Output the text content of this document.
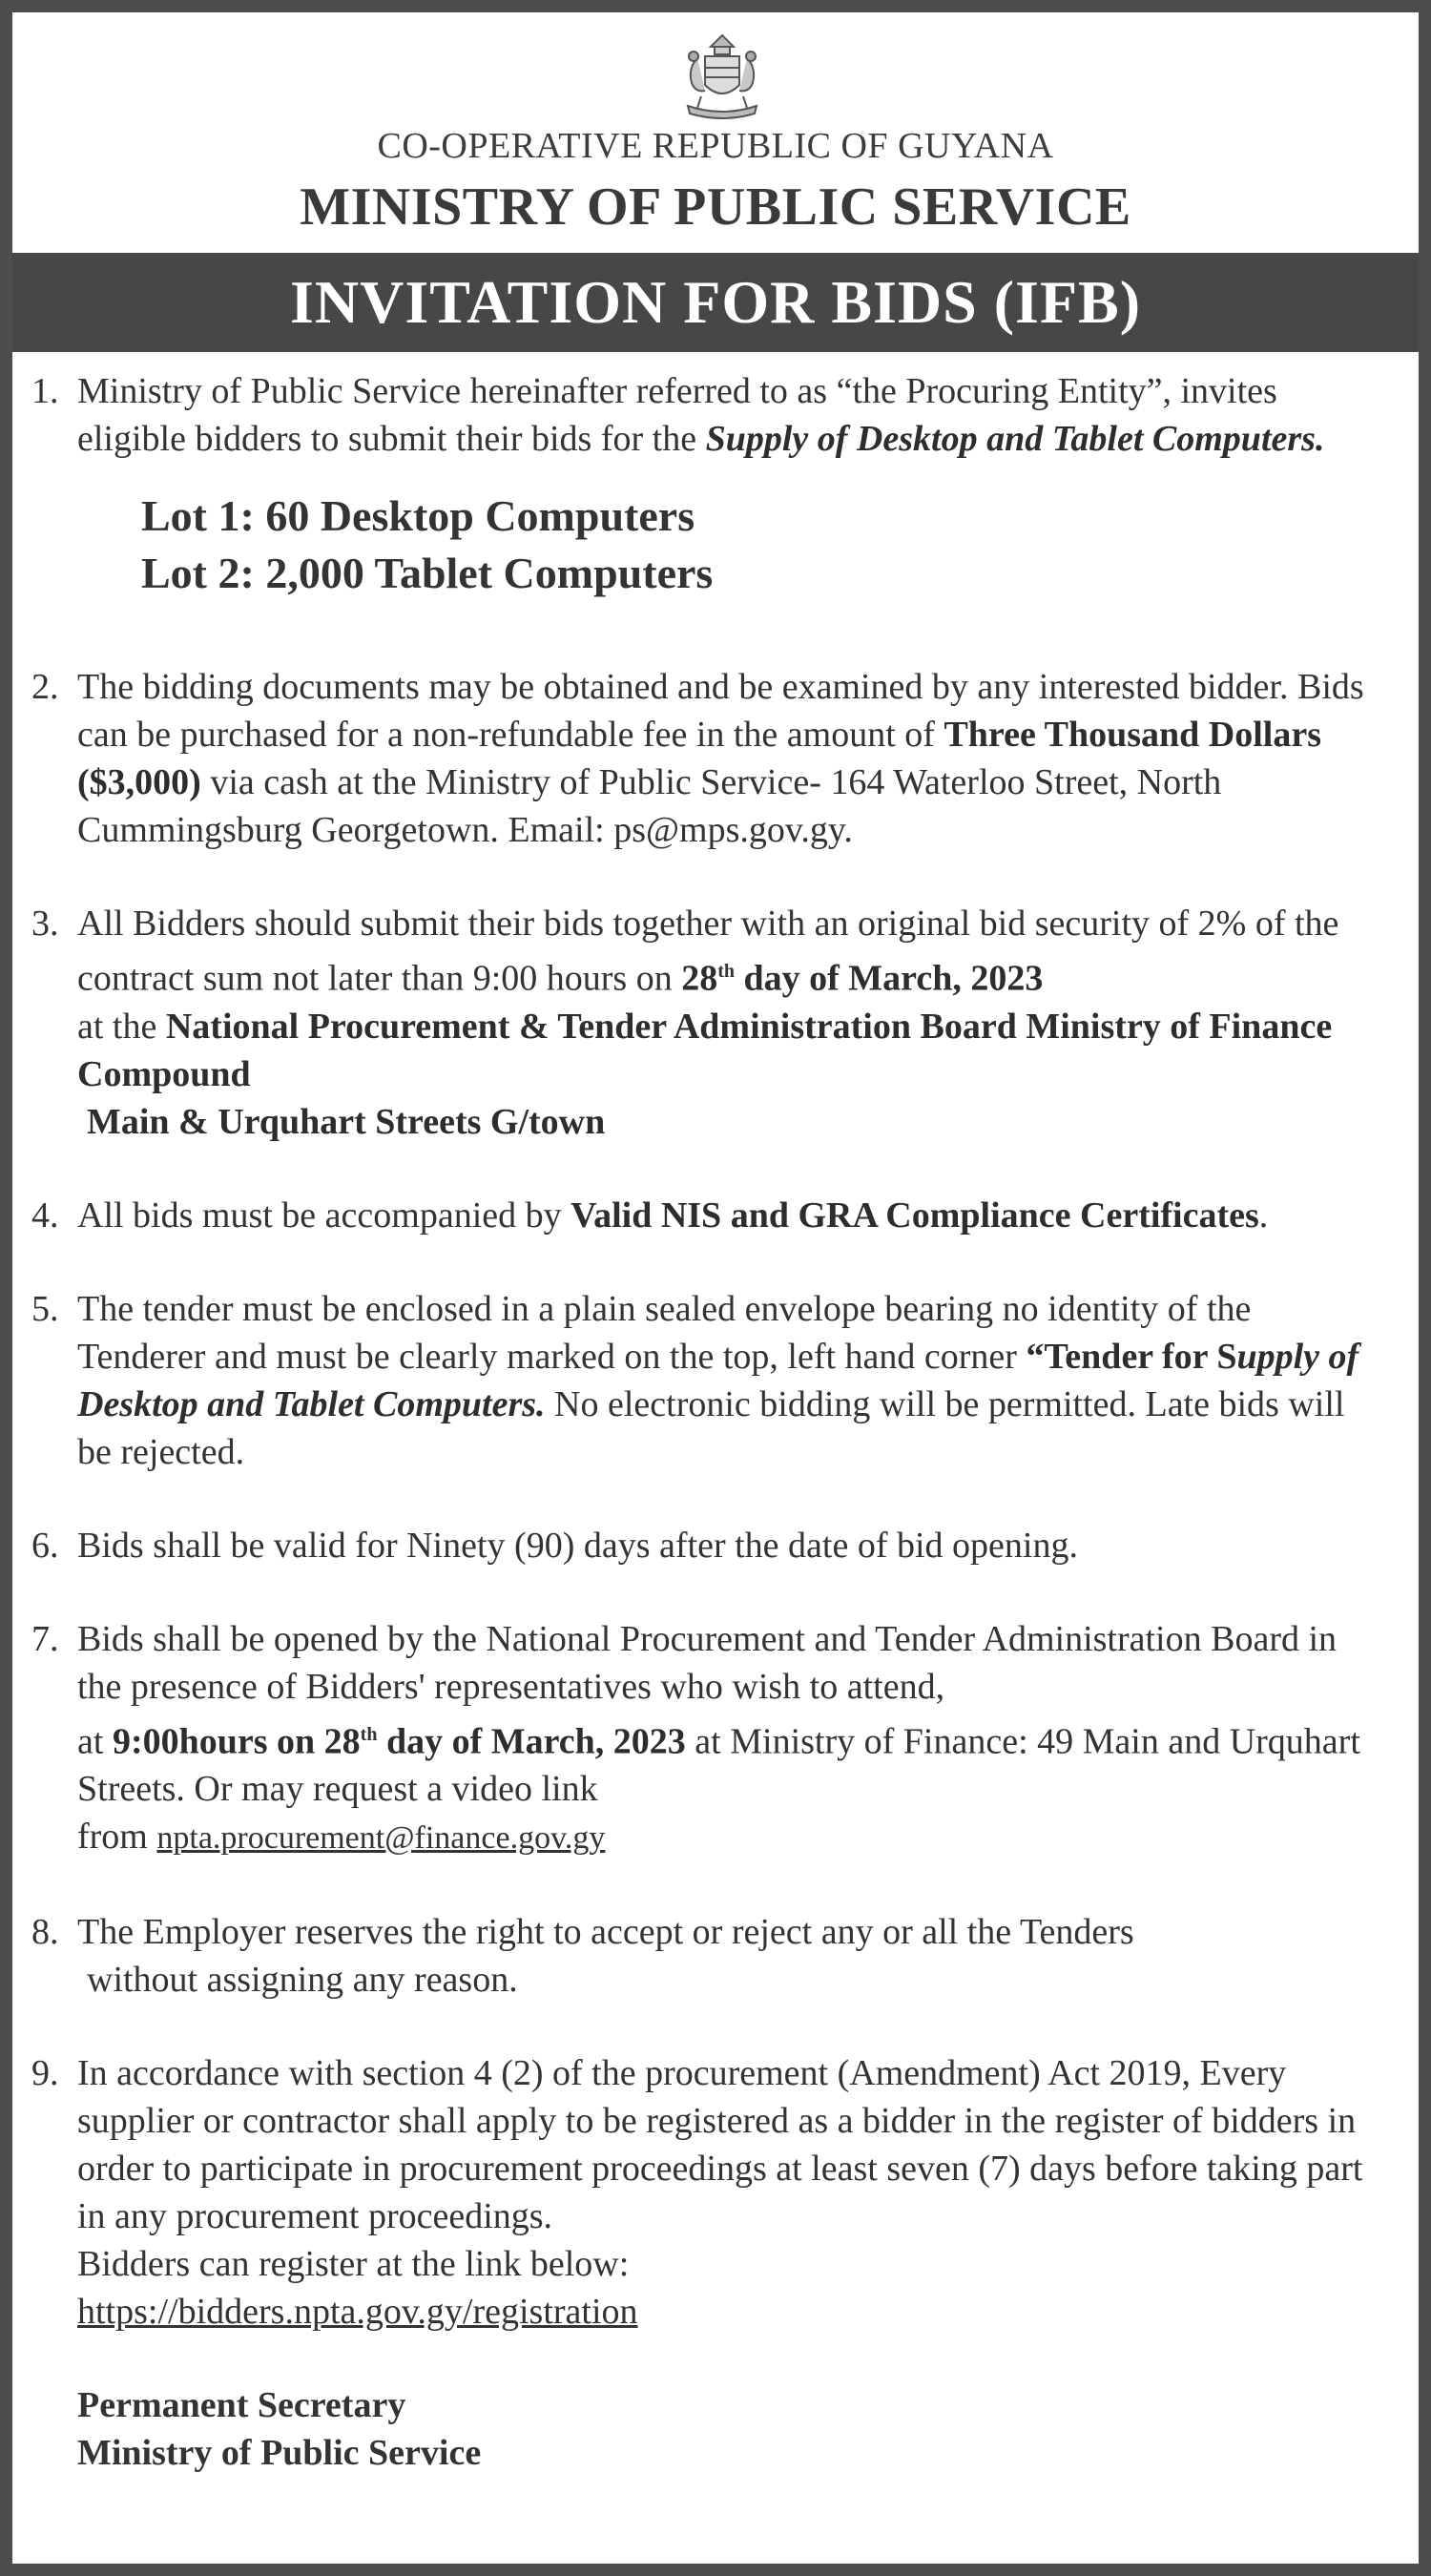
CO-OPERATIVE REPUBLIC OF GUYANA
MINISTRY OF PUBLIC SERVICE
INVITATION FOR BIDS (IFB)
1. Ministry of Public Service hereinafter referred to as “the Procuring Entity”, invites eligible bidders to submit their bids for the Supply of Desktop and Tablet Computers.
Lot 1: 60 Desktop Computers
Lot 2: 2,000 Tablet Computers
2. The bidding documents may be obtained and be examined by any interested bidder. Bids can be purchased for a non-refundable fee in the amount of Three Thousand Dollars ($3,000) via cash at the Ministry of Public Service- 164 Waterloo Street, North Cummingsburg Georgetown. Email: ps@mps.gov.gy.
3. All Bidders should submit their bids together with an original bid security of 2% of the contract sum not later than 9:00 hours on 28th day of March, 2023
at the National Procurement & Tender Administration Board Ministry of Finance Compound
Main & Urquhart Streets G/town
4. All bids must be accompanied by Valid NIS and GRA Compliance Certificates.
5. The tender must be enclosed in a plain sealed envelope bearing no identity of the Tenderer and must be clearly marked on the top, left hand corner “Tender for Supply of Desktop and Tablet Computers. No electronic bidding will be permitted. Late bids will be rejected.
6. Bids shall be valid for Ninety (90) days after the date of bid opening.
7. Bids shall be opened by the National Procurement and Tender Administration Board in the presence of Bidders' representatives who wish to attend,
at 9:00hours on 28th day of March, 2023 at Ministry of Finance: 49 Main and Urquhart Streets. Or may request a video link
from npta.procurement@finance.gov.gy
8. The Employer reserves the right to accept or reject any or all the Tenders
without assigning any reason.
9. In accordance with section 4 (2) of the procurement (Amendment) Act 2019, Every supplier or contractor shall apply to be registered as a bidder in the register of bidders in order to participate in procurement proceedings at least seven (7) days before taking part in any procurement proceedings.
Bidders can register at the link below:
https://bidders.npta.gov.gy/registration
Permanent Secretary
Ministry of Public Service
